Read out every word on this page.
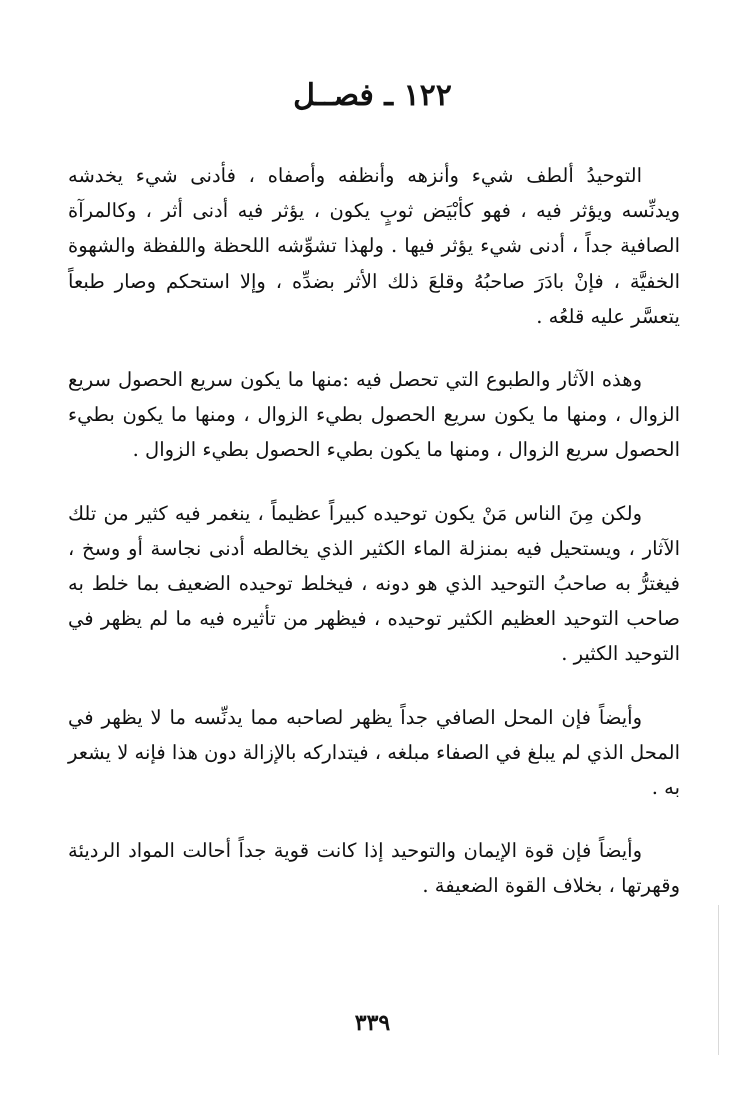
١٢٢ ـ فصــل

التوحيدُ ألطف شيء وأنزهه وأنظفه وأصفاه ، فأدنى شيء يخدشه ويدنِّسه ويؤثر فيه ، فهو كأبْيَض ثوبٍ يكون ، يؤثر فيه أدنى أثر ، وكالمرآة الصافية جداً ، أدنى شيء يؤثر فيها . ولهذا تشوِّشه اللحظة واللفظة والشهوة الخفيَّة ، فإنْ بادَرَ صاحبُهُ وقلعَ ذلك الأثر بضدِّه ، وإلا استحكم وصار طبعاً يتعسَّر عليه قلعُه .

وهذه الآثار والطبوع التي تحصل فيه :منها ما يكون سريع الحصول سريع الزوال ، ومنها ما يكون سريع الحصول بطيء الزوال ، ومنها ما يكون بطيء الحصول سريع الزوال ، ومنها ما يكون بطيء الحصول بطيء الزوال .

ولكن مِنَ الناس مَنْ يكون توحيده كبيراً عظيماً ، ينغمر فيه كثير من تلك الآثار ، ويستحيل فيه بمنزلة الماء الكثير الذي يخالطه أدنى نجاسة أو وسخ ، فيغترُّ به صاحبُ التوحيد الذي هو دونه ، فيخلط توحيده الضعيف بما خلط به صاحب التوحيد العظيم الكثير توحيده ، فيظهر من تأثيره فيه ما لم يظهر في التوحيد الكثير .

وأيضاً فإن المحل الصافي جداً يظهر لصاحبه مما يدنِّسه ما لا يظهر في المحل الذي لم يبلغ في الصفاء مبلغه ، فيتداركه بالإزالة دون هذا فإنه لا يشعر به .

وأيضاً فإن قوة الإيمان والتوحيد إذا كانت قوية جداً أحالت المواد الرديئة وقهرتها ، بخلاف القوة الضعيفة .

٣٣٩
